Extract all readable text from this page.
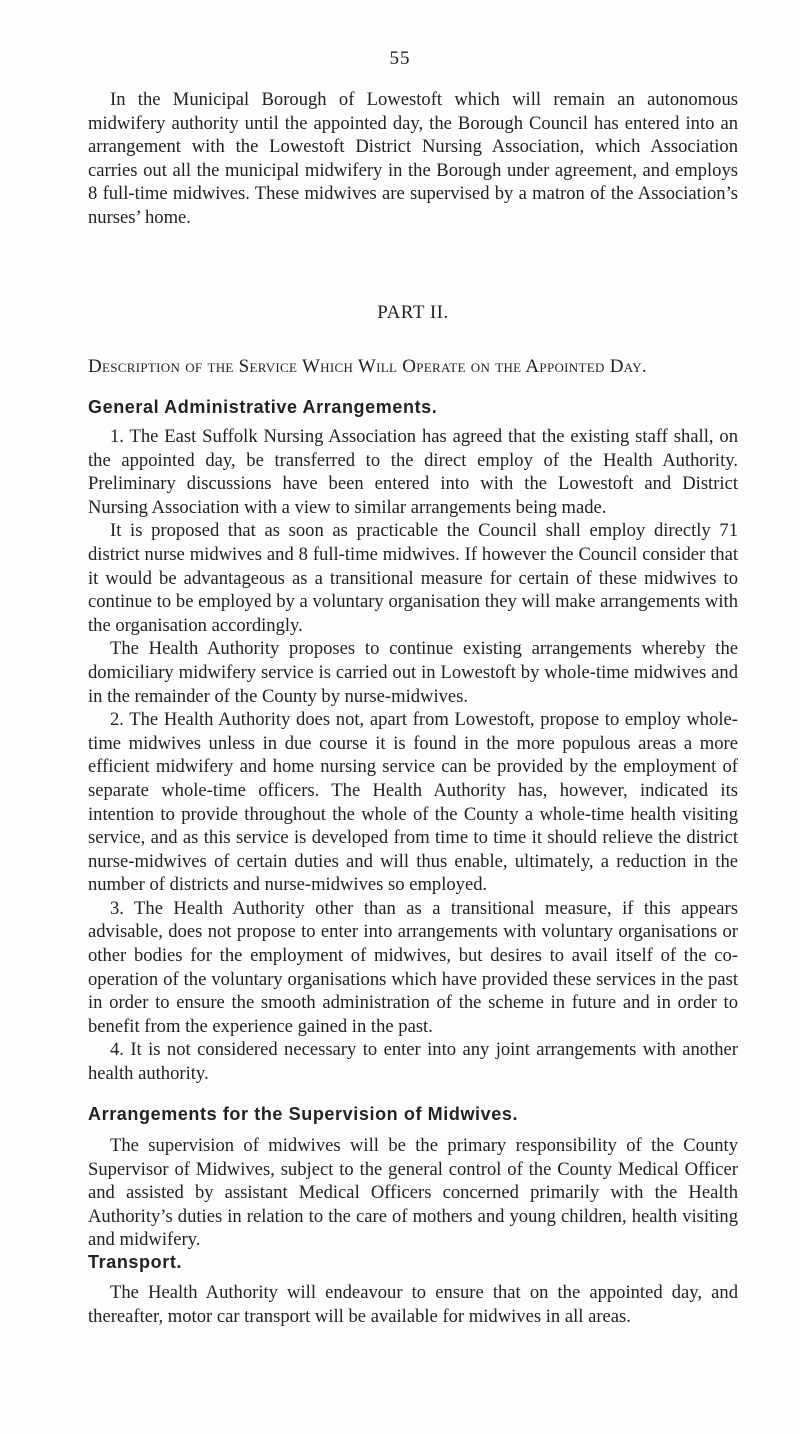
55

In the Municipal Borough of Lowestoft which will remain an autonomous midwifery authority until the appointed day, the Borough Council has entered into an arrangement with the Lowestoft District Nursing Association, which Association carries out all the municipal midwifery in the Borough under agreement, and employs 8 full-time midwives. These midwives are supervised by a matron of the Association’s nurses’ home.

PART II.
Description of the Service Which Will Operate on the Appointed Day.
General Administrative Arrangements.

1. The East Suffolk Nursing Association has agreed that the existing staff shall, on the appointed day, be transferred to the direct employ of the Health Authority. Preliminary discussions have been entered into with the Lowestoft and District Nursing Association with a view to similar arrangements being made.

It is proposed that as soon as practicable the Council shall employ directly 71 district nurse midwives and 8 full-time midwives. If however the Council consider that it would be advantageous as a transitional measure for certain of these midwives to continue to be employed by a voluntary organisation they will make arrangements with the organisation accordingly.

The Health Authority proposes to continue existing arrangements whereby the domiciliary midwifery service is carried out in Lowestoft by whole-time midwives and in the remainder of the County by nurse-midwives.

2. The Health Authority does not, apart from Lowestoft, propose to employ whole-time midwives unless in due course it is found in the more populous areas a more efficient midwifery and home nursing service can be provided by the employment of separate whole-time officers. The Health Authority has, however, indicated its intention to provide throughout the whole of the County a whole-time health visiting service, and as this service is developed from time to time it should relieve the district nurse-midwives of certain duties and will thus enable, ultimately, a reduction in the number of districts and nurse-midwives so employed.

3. The Health Authority other than as a transitional measure, if this appears advisable, does not propose to enter into arrangements with voluntary organisations or other bodies for the employment of midwives, but desires to avail itself of the co-operation of the voluntary organisations which have provided these services in the past in order to ensure the smooth administration of the scheme in future and in order to benefit from the experience gained in the past.

4. It is not considered necessary to enter into any joint arrangements with another health authority.

Arrangements for the Supervision of Midwives.

The supervision of midwives will be the primary responsibility of the County Supervisor of Midwives, subject to the general control of the County Medical Officer and assisted by assistant Medical Officers concerned primarily with the Health Authority’s duties in relation to the care of mothers and young children, health visiting and midwifery.

Transport.

The Health Authority will endeavour to ensure that on the appointed day, and thereafter, motor car transport will be available for midwives in all areas.
